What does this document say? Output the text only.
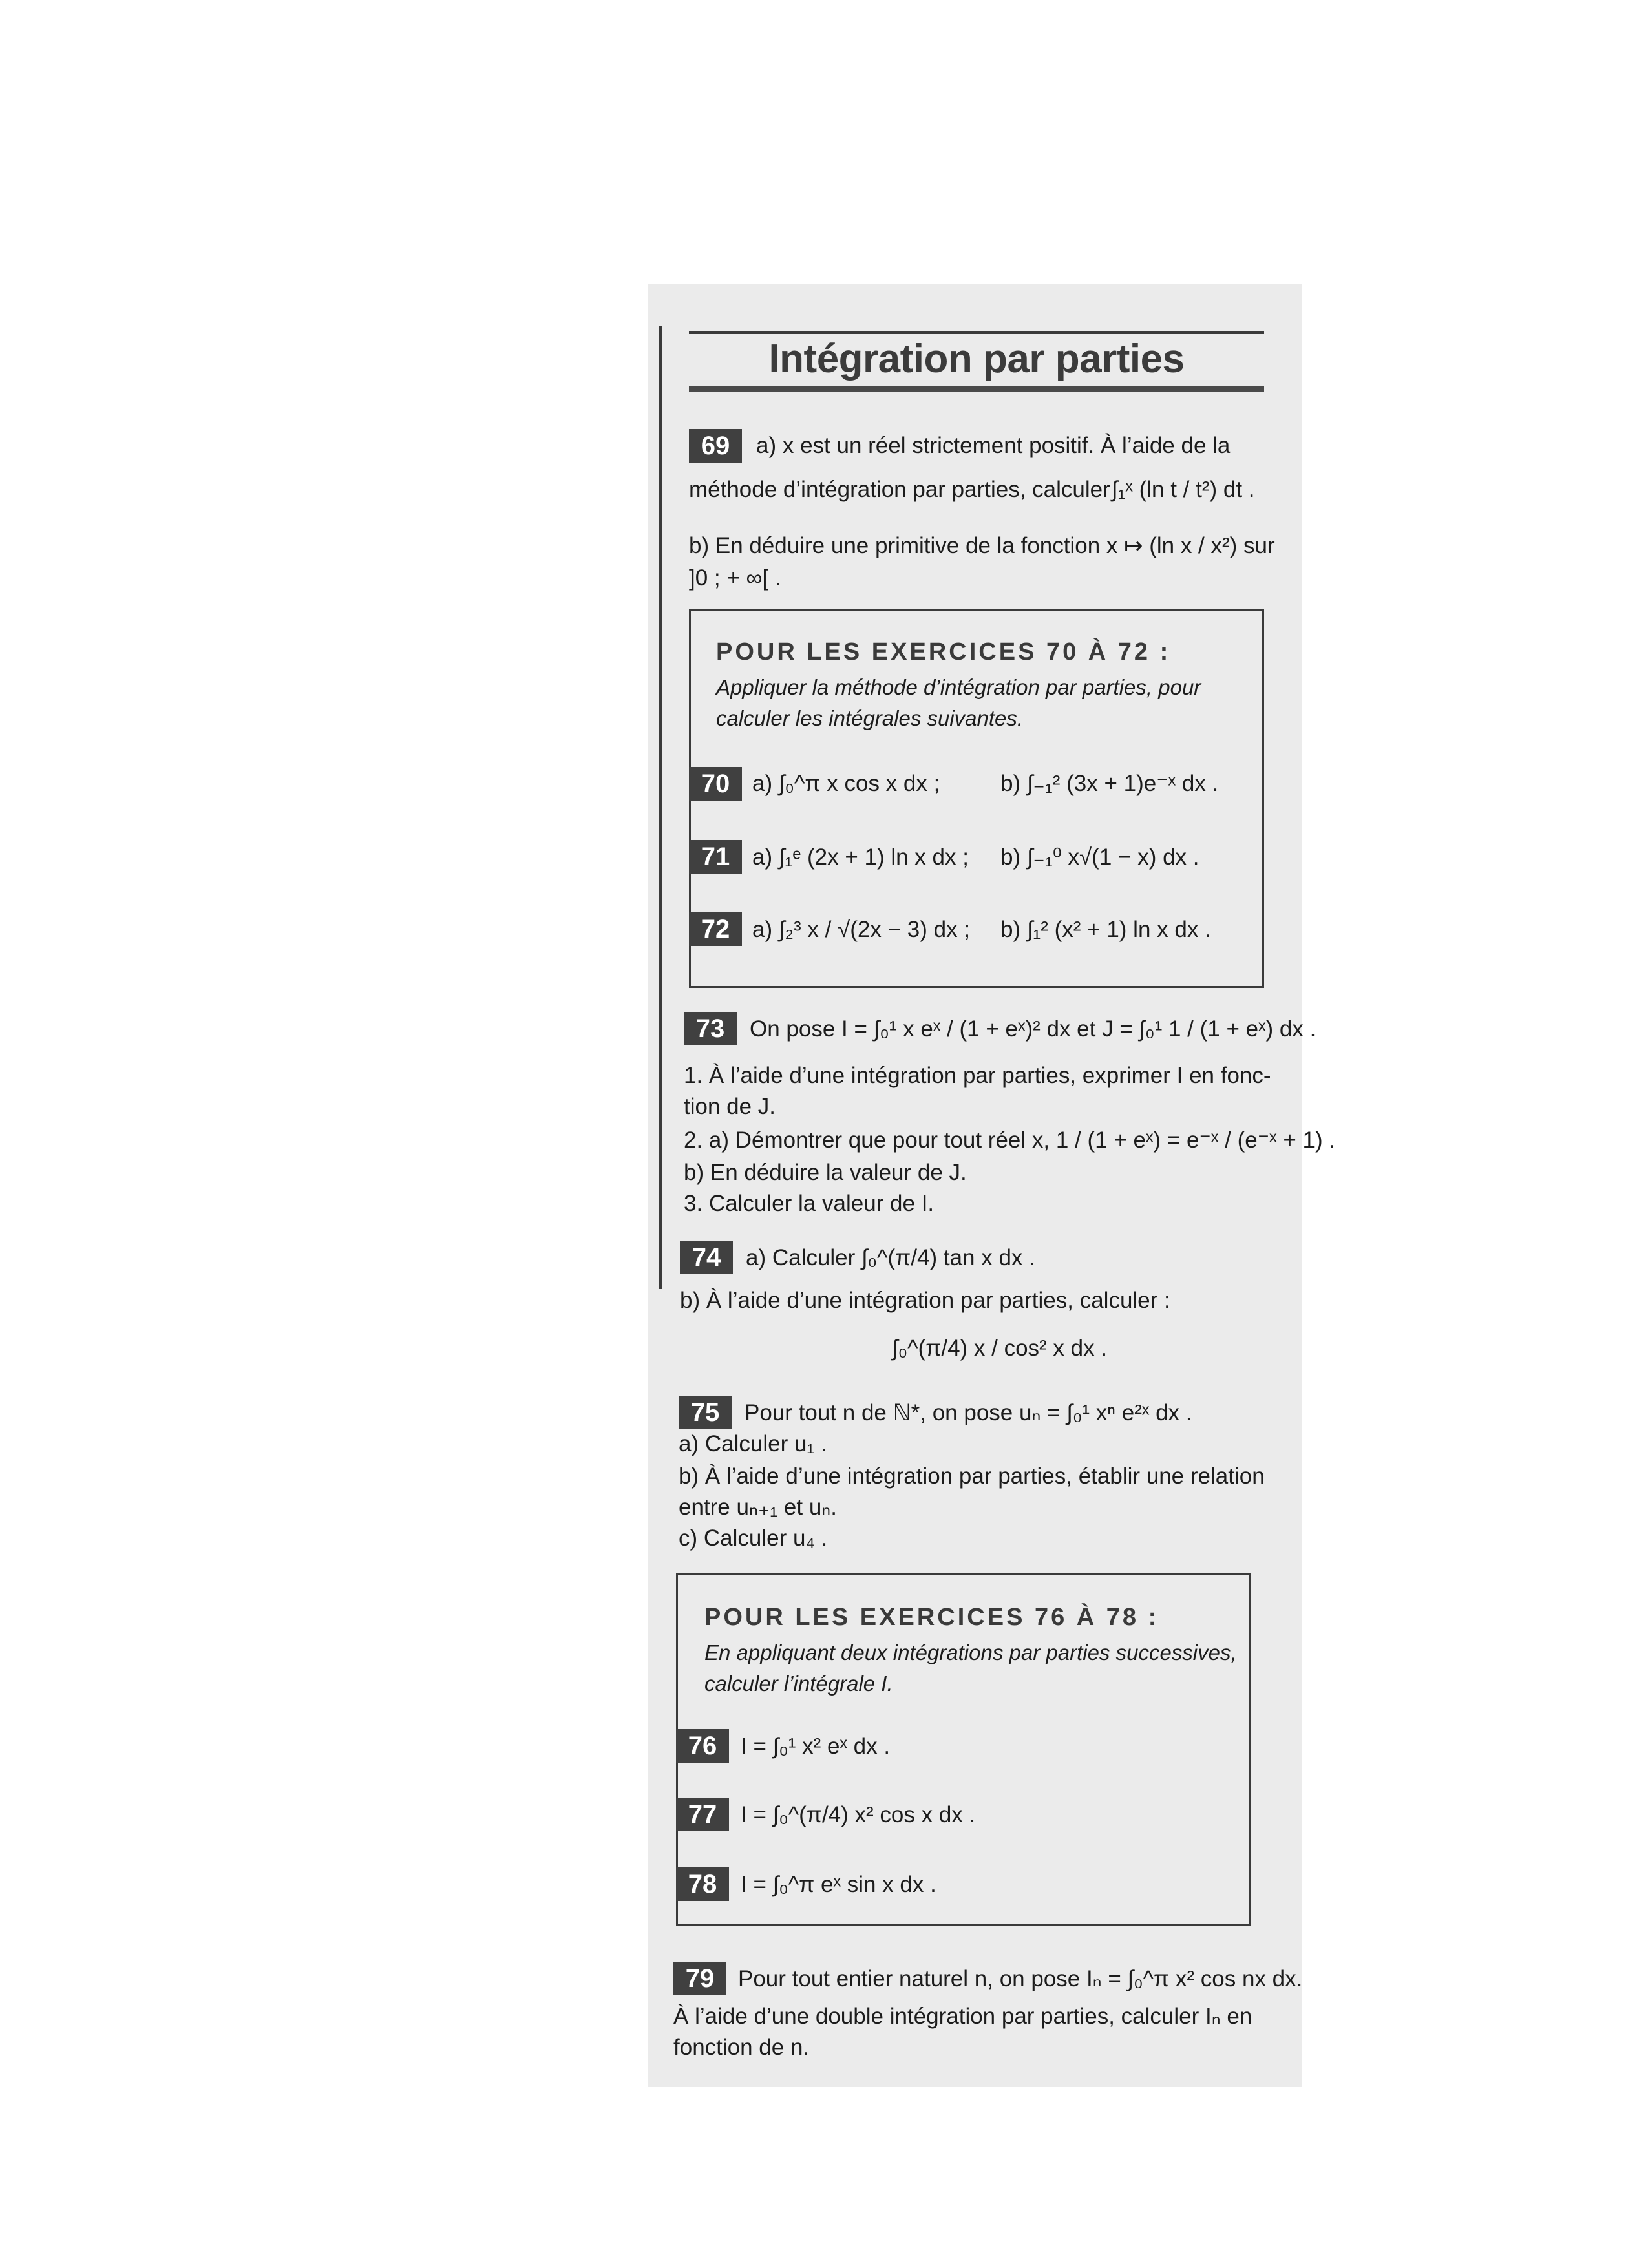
Intégration par parties
69	a) x est un réel strictement positif. À l’aide de la
méthode d’intégration par parties, calculer ∫₁ˣ (ln t / t²) dt .
b) En déduire une primitive de la fonction x ↦ (ln x / x²) sur
]0 ; + ∞[ .
POUR LES EXERCICES 70 À 72 :
Appliquer la méthode d’intégration par parties, pour
calculer les intégrales suivantes.
70 a) ∫₀^π x cos x dx ;	b) ∫₋₁² (3x + 1)e⁻ˣ dx .
71 a) ∫₁ᵉ (2x + 1) ln x dx ; b) ∫₋₁⁰ x√(1 − x) dx .
72 a) ∫₂³ x / √(2x − 3) dx ; b) ∫₁² (x² + 1) ln x dx .
73	On pose I = ∫₀¹ x eˣ / (1 + eˣ)² dx et J = ∫₀¹ 1 / (1 + eˣ) dx .
1. À l’aide d’une intégration par parties, exprimer I en fonc-
tion de J.
2. a) Démontrer que pour tout réel x, 1 / (1 + eˣ) = e⁻ˣ / (e⁻ˣ + 1) .
b) En déduire la valeur de J.
3. Calculer la valeur de I.
74	a) Calculer ∫₀^(π/4) tan x dx .
b) À l’aide d’une intégration par parties, calculer :
∫₀^(π/4) x / cos² x dx .
75	Pour tout n de ℕ*, on pose uₙ = ∫₀¹ xⁿ e²ˣ dx .
a) Calculer u₁ .
b) À l’aide d’une intégration par parties, établir une relation
entre uₙ₊₁ et uₙ.
c) Calculer u₄ .
POUR LES EXERCICES 76 À 78 :
En appliquant deux intégrations par parties successives,
calculer l’intégrale I.
76	I = ∫₀¹ x² eˣ dx .
77	I = ∫₀^(π/4) x² cos x dx .
78	I = ∫₀^π eˣ sin x dx .
79	Pour tout entier naturel n, on pose Iₙ = ∫₀^π x² cos nx dx.
À l’aide d’une double intégration par parties, calculer Iₙ en
fonction de n.
